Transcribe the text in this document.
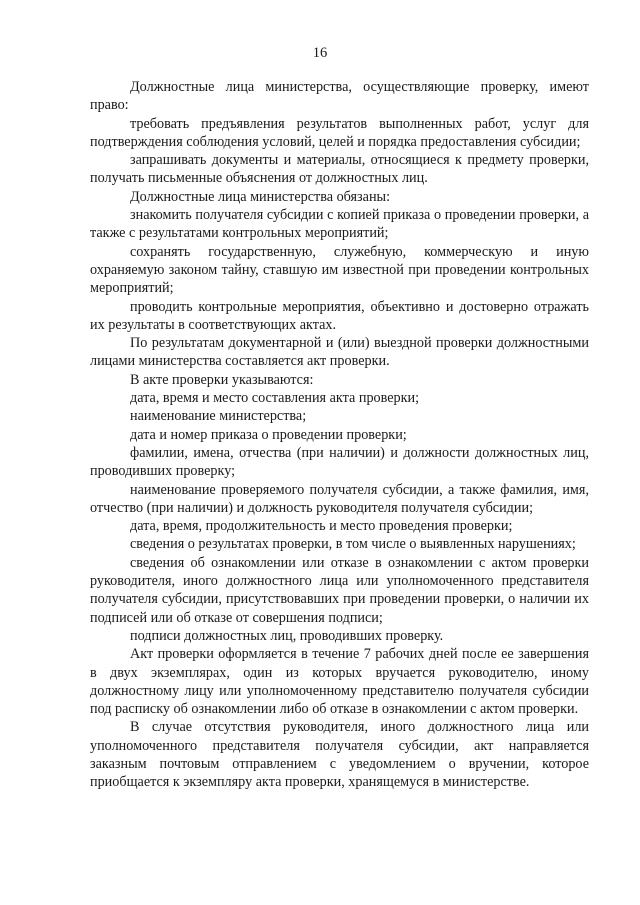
16

Должностные лица министерства, осуществляющие проверку, имеют право:

требовать предъявления результатов выполненных работ, услуг для подтверждения соблюдения условий, целей и порядка предоставления субсидии;

запрашивать документы и материалы, относящиеся к предмету проверки, получать письменные объяснения от должностных лиц.

Должностные лица министерства обязаны:

знакомить получателя субсидии с копией приказа о проведении проверки, а также с результатами контрольных мероприятий;

сохранять государственную, служебную, коммерческую и иную охраняемую законом тайну, ставшую им известной при проведении контрольных мероприятий;

проводить контрольные мероприятия, объективно и достоверно отражать их результаты в соответствующих актах.

По результатам документарной и (или) выездной проверки должностными лицами министерства составляется акт проверки.

В акте проверки указываются:

дата, время и место составления акта проверки;

наименование министерства;

дата и номер приказа о проведении проверки;

фамилии, имена, отчества (при наличии) и должности должностных лиц, проводивших проверку;

наименование проверяемого получателя субсидии, а также фамилия, имя, отчество (при наличии) и должность руководителя получателя субсидии;

дата, время, продолжительность и место проведения проверки;

сведения о результатах проверки, в том числе о выявленных нарушениях;

сведения об ознакомлении или отказе в ознакомлении с актом проверки руководителя, иного должностного лица или уполномоченного представителя получателя субсидии, присутствовавших при проведении проверки, о наличии их подписей или об отказе от совершения подписи;

подписи должностных лиц, проводивших проверку.

Акт проверки оформляется в течение 7 рабочих дней после ее завершения в двух экземплярах, один из которых вручается руководителю, иному должностному лицу или уполномоченному представителю получателя субсидии под расписку об ознакомлении либо об отказе в ознакомлении с актом проверки.

В случае отсутствия руководителя, иного должностного лица или уполномоченного представителя получателя субсидии, акт направляется заказным почтовым отправлением с уведомлением о вручении, которое приобщается к экземпляру акта проверки, хранящемуся в министерстве.
